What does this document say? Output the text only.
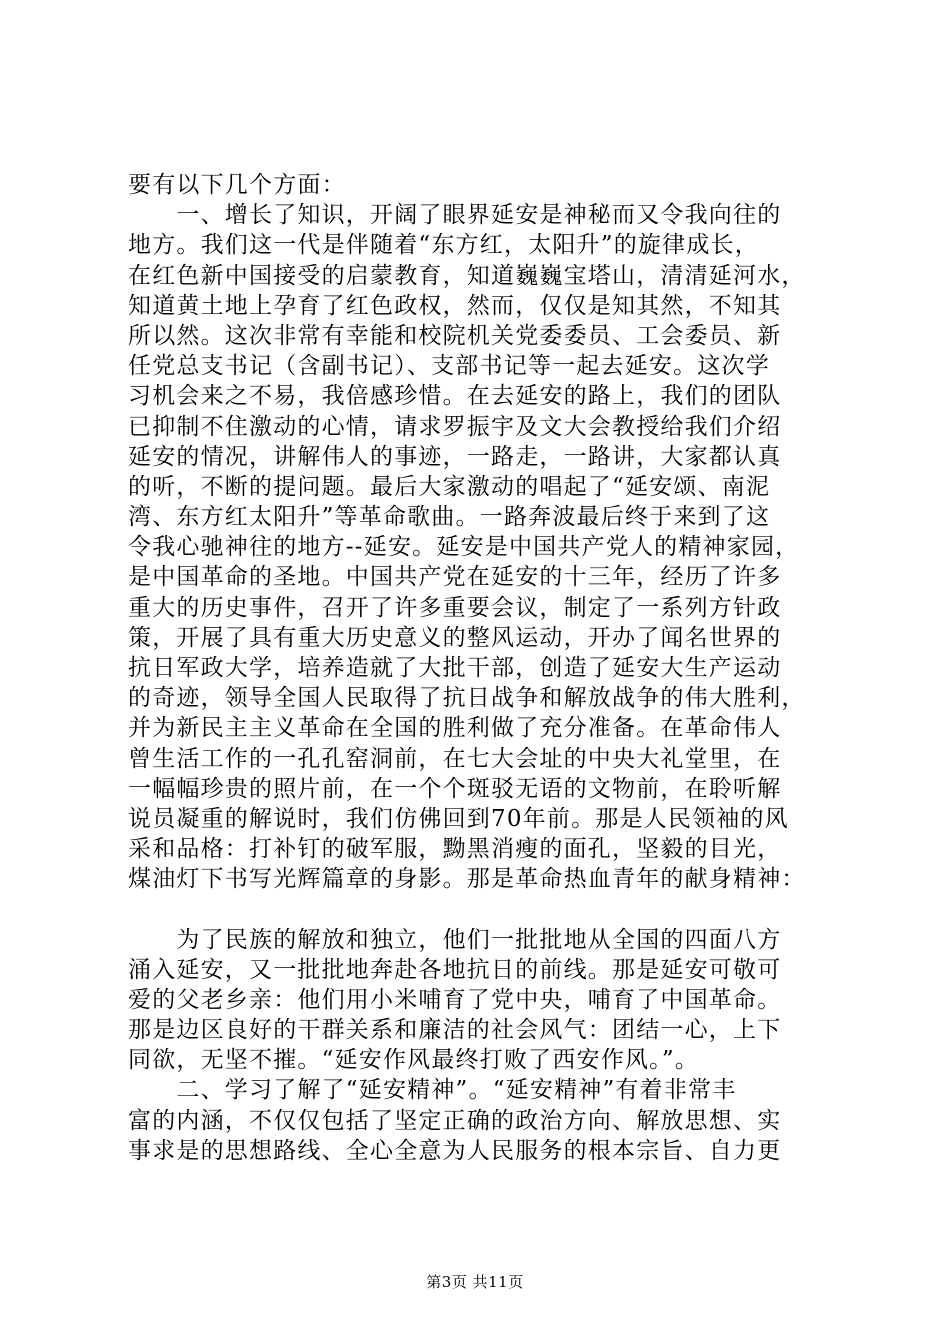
要有以下几个方面：
　　一、增长了知识，开阔了眼界延安是神秘而又令我向往的
地方。我们这一代是伴随着“东方红，太阳升”的旋律成长，
在红色新中国接受的启蒙教育，知道巍巍宝塔山，清清延河水，
知道黄土地上孕育了红色政权，然而，仅仅是知其然，不知其
所以然。这次非常有幸能和校院机关党委委员、工会委员、新
任党总支书记（含副书记）、支部书记等一起去延安。这次学
习机会来之不易，我倍感珍惜。在去延安的路上，我们的团队
已抑制不住激动的心情，请求罗振宇及文大会教授给我们介绍
延安的情况，讲解伟人的事迹，一路走，一路讲，大家都认真
的听，不断的提问题。最后大家激动的唱起了“延安颂、南泥
湾、东方红太阳升”等革命歌曲。一路奔波最后终于来到了这
令我心驰神往的地方--延安。延安是中国共产党人的精神家园，
是中国革命的圣地。中国共产党在延安的十三年，经历了许多
重大的历史事件，召开了许多重要会议，制定了一系列方针政
策，开展了具有重大历史意义的整风运动，开办了闻名世界的
抗日军政大学，培养造就了大批干部，创造了延安大生产运动
的奇迹，领导全国人民取得了抗日战争和解放战争的伟大胜利，
并为新民主主义革命在全国的胜利做了充分准备。在革命伟人
曾生活工作的一孔孔窑洞前，在七大会址的中央大礼堂里，在
一幅幅珍贵的照片前，在一个个斑驳无语的文物前，在聆听解
说员凝重的解说时，我们仿佛回到70年前。那是人民领袖的风
采和品格：打补钉的破军服，黝黑消瘦的面孔，坚毅的目光，
煤油灯下书写光辉篇章的身影。那是革命热血青年的献身精神：
　　为了民族的解放和独立，他们一批批地从全国的四面八方
涌入延安，又一批批地奔赴各地抗日的前线。那是延安可敬可
爱的父老乡亲：他们用小米哺育了党中央，哺育了中国革命。
那是边区良好的干群关系和廉洁的社会风气：团结一心，上下
同欲，无坚不摧。“延安作风最终打败了西安作风。”。
　　二、学习了解了“延安精神”。“延安精神”有着非常丰
富的内涵，不仅仅包括了坚定正确的政治方向、解放思想、实
事求是的思想路线、全心全意为人民服务的根本宗旨、自力更
第3页 共11页
